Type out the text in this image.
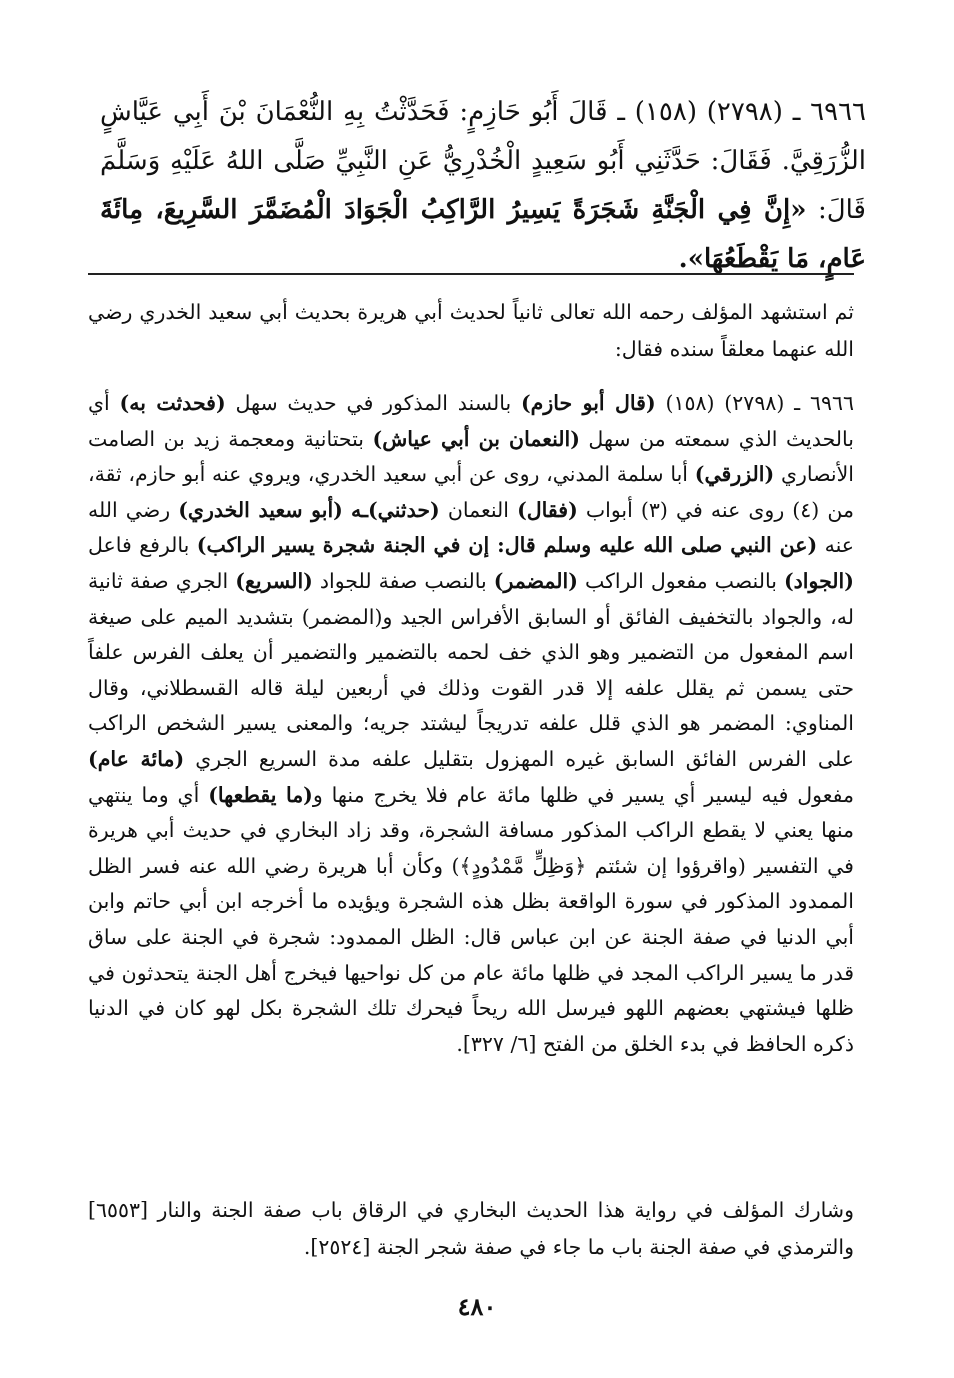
٦٩٦٦ ـ (٢٧٩٨) (١٥٨) ـ قَالَ أَبُو حَازِمٍ: فَحَدَّثْتُ بِهِ النُّعْمَانَ بْنَ أَبِي عَيَّاشٍ الزُّرَقِيَّ. فَقَالَ: حَدَّثَنِي أَبُو سَعِيدٍ الْخُدْرِيُّ عَنِ النَّبِيِّ صَلَّى اللهُ عَلَيْهِ وَسَلَّمَ قَالَ: «إِنَّ فِي الْجَنَّةِ شَجَرَةً يَسِيرُ الرَّاكِبُ الْجَوَادَ الْمُضَمَّرَ السَّرِيعَ، مِائَةَ عَامٍ، مَا يَقْطَعُهَا».

ثم استشهد المؤلف رحمه الله تعالى ثانياً لحديث أبي هريرة بحديث أبي سعيد الخدري رضي الله عنهما معلقاً سنده فقال:

٦٩٦٦ ـ (٢٧٩٨) (١٥٨) (قال أبو حازم) بالسند المذكور في حديث سهل (فحدثت به) أي بالحديث الذي سمعته من سهل (النعمان بن أبي عياش) بتحتانية ومعجمة زيد بن الصامت الأنصاري (الزرقي) أبا سلمة المدني، روى عن أبي سعيد الخدري، ويروي عنه أبو حازم، ثقة، من (٤) روى عنه في (٣) أبواب (فقال) النعمان (حدثني)ـه (أبو سعيد الخدري) رضي الله عنه (عن النبي صلى الله عليه وسلم قال: إن في الجنة شجرة يسير الراكب) بالرفع فاعل (الجواد) بالنصب مفعول الراكب (المضمر) بالنصب صفة للجواد (السريع) الجري صفة ثانية له، والجواد بالتخفيف الفائق أو السابق الأفراس الجيد و(المضمر) بتشديد الميم على صيغة اسم المفعول من التضمير وهو الذي خف لحمه بالتضمير والتضمير أن يعلف الفرس علفاً حتى يسمن ثم يقلل علفه إلا قدر القوت وذلك في أربعين ليلة قاله القسطلاني، وقال المناوي: المضمر هو الذي قلل علفه تدريجاً ليشتد جريه؛ والمعنى يسير الشخص الراكب على الفرس الفائق السابق غيره المهزول بتقليل علفه مدة السريع الجري (مائة عام) مفعول فيه ليسير أي يسير في ظلها مائة عام فلا يخرج منها و(ما يقطعها) أي وما ينتهي منها يعني لا يقطع الراكب المذكور مسافة الشجرة، وقد زاد البخاري في حديث أبي هريرة في التفسير (واقرؤوا إن شئتم ﴿وَظِلٍّ مَّمْدُودٍ﴾) وكأن أبا هريرة رضي الله عنه فسر الظل الممدود المذكور في سورة الواقعة بظل هذه الشجرة ويؤيده ما أخرجه ابن أبي حاتم وابن أبي الدنيا في صفة الجنة عن ابن عباس قال: الظل الممدود: شجرة في الجنة على ساق قدر ما يسير الراكب المجد في ظلها مائة عام من كل نواحيها فيخرج أهل الجنة يتحدثون في ظلها فيشتهي بعضهم اللهو فيرسل الله ريحاً فيحرك تلك الشجرة بكل لهو كان في الدنيا ذكره الحافظ في بدء الخلق من الفتح [٦/ ٣٢٧].

وشارك المؤلف في رواية هذا الحديث البخاري في الرقاق باب صفة الجنة والنار [٦٥٥٣] والترمذي في صفة الجنة باب ما جاء في صفة شجر الجنة [٢٥٢٤].

٤٨٠
